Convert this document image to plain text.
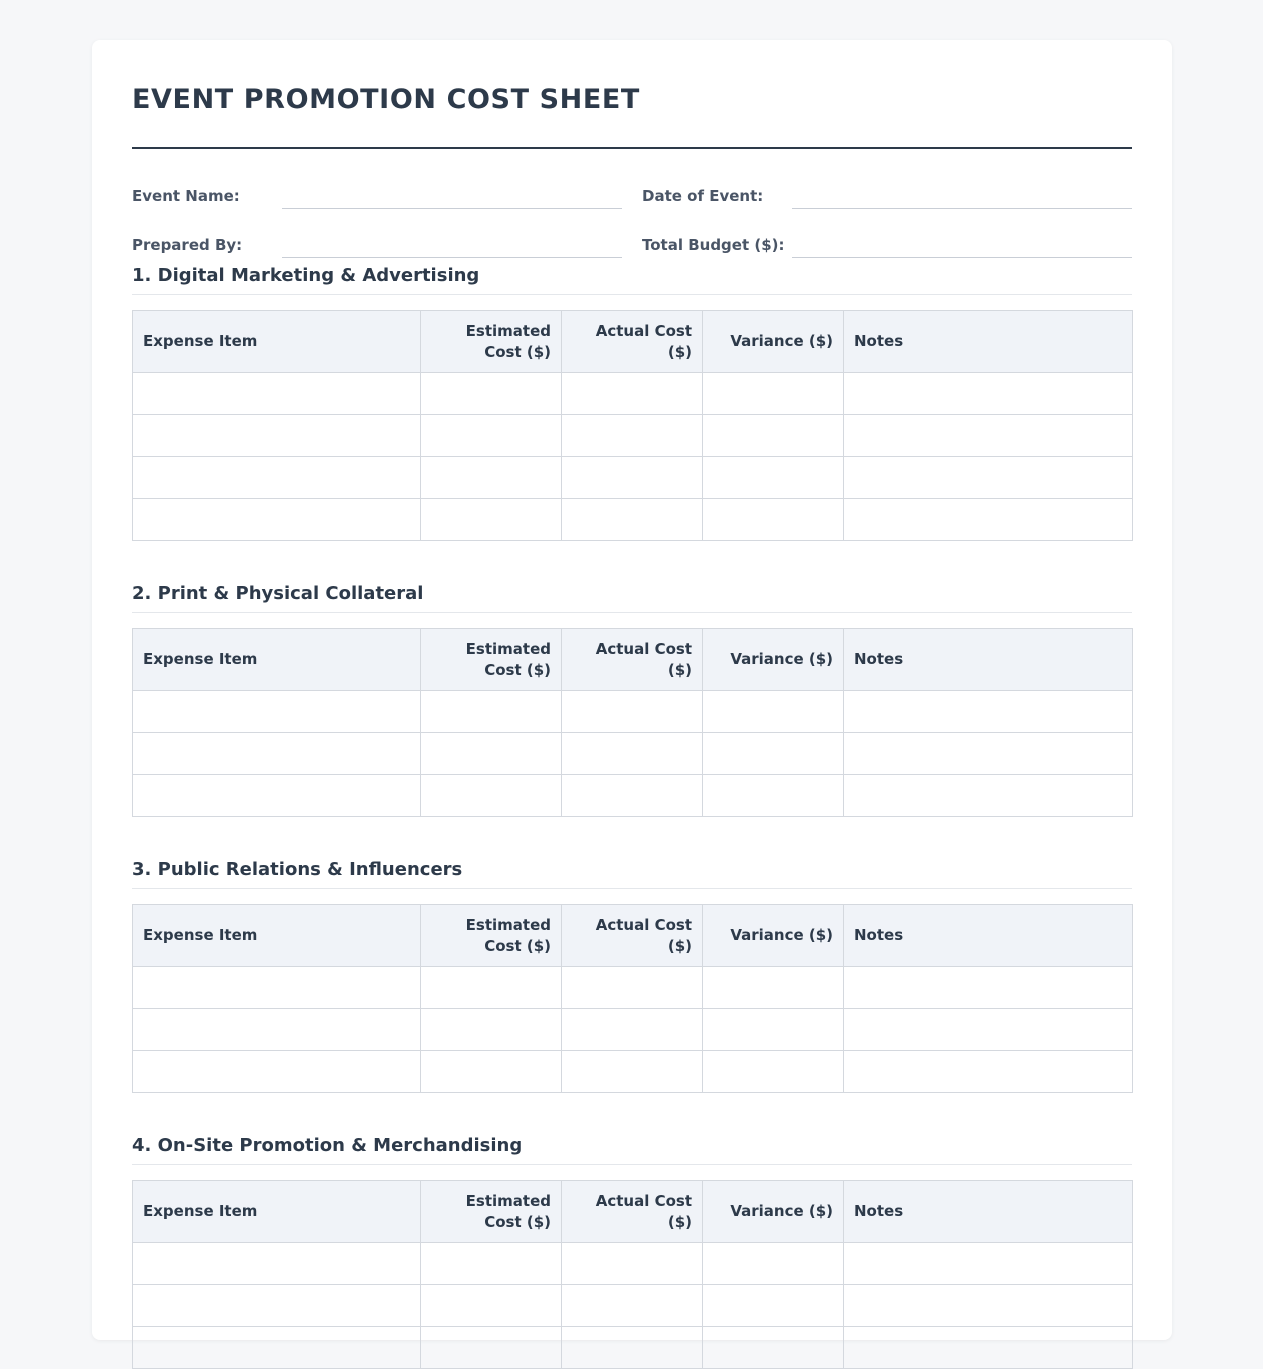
EVENT PROMOTION COST SHEET
Event Name:	Date of Event:
Prepared By:	Total Budget ($):
1. Digital Marketing & Advertising
Expense Item	Estimated Cost ($)	Actual Cost ($)	Variance ($)	Notes

2. Print & Physical Collateral
Expense Item	Estimated Cost ($)	Actual Cost ($)	Variance ($)	Notes

3. Public Relations & Influencers
Expense Item	Estimated Cost ($)	Actual Cost ($)	Variance ($)	Notes

4. On-Site Promotion & Merchandising
Expense Item	Estimated Cost ($)	Actual Cost ($)	Variance ($)	Notes
